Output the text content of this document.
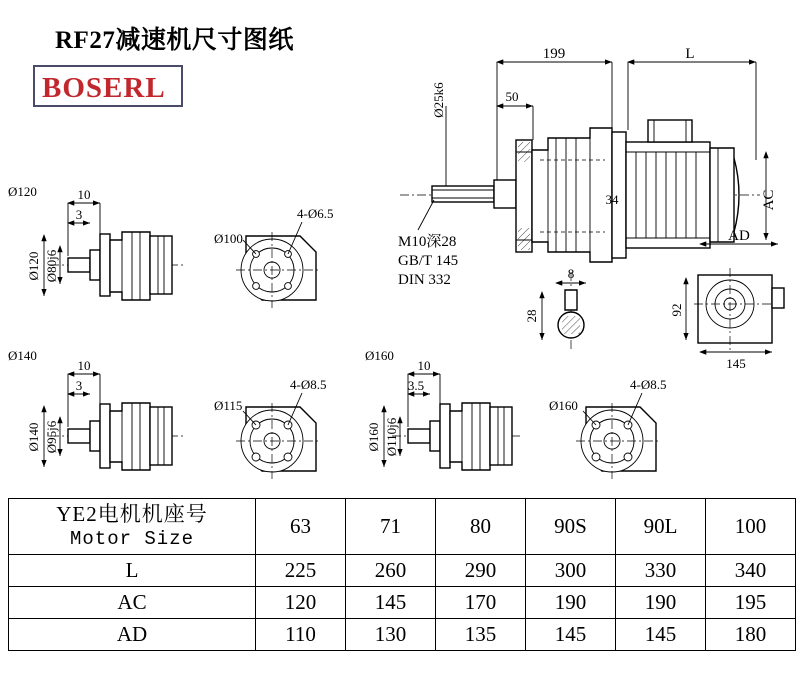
RF27减速机尺寸图纸
BOSERL
199	L
50
Ø25k6
AC
34
M10深28
GB/T 145
DIN 332	8
28
AD
92
145
Ø120	10
3
Ø120 Ø80j6
Ø100
4-Ø6.5
Ø140
10
3
Ø140 Ø95j6
Ø115
4-Ø8.5
Ø160
10
3.5
Ø160 Ø110j6
Ø160
4-Ø8.5
YE2电机机座号
Motor Size	63	71	80	90S	90L	100
L	225	260	290	300	330	340
AC	120	145	170	190	190	195
AD	110	130	135	145	145	180
